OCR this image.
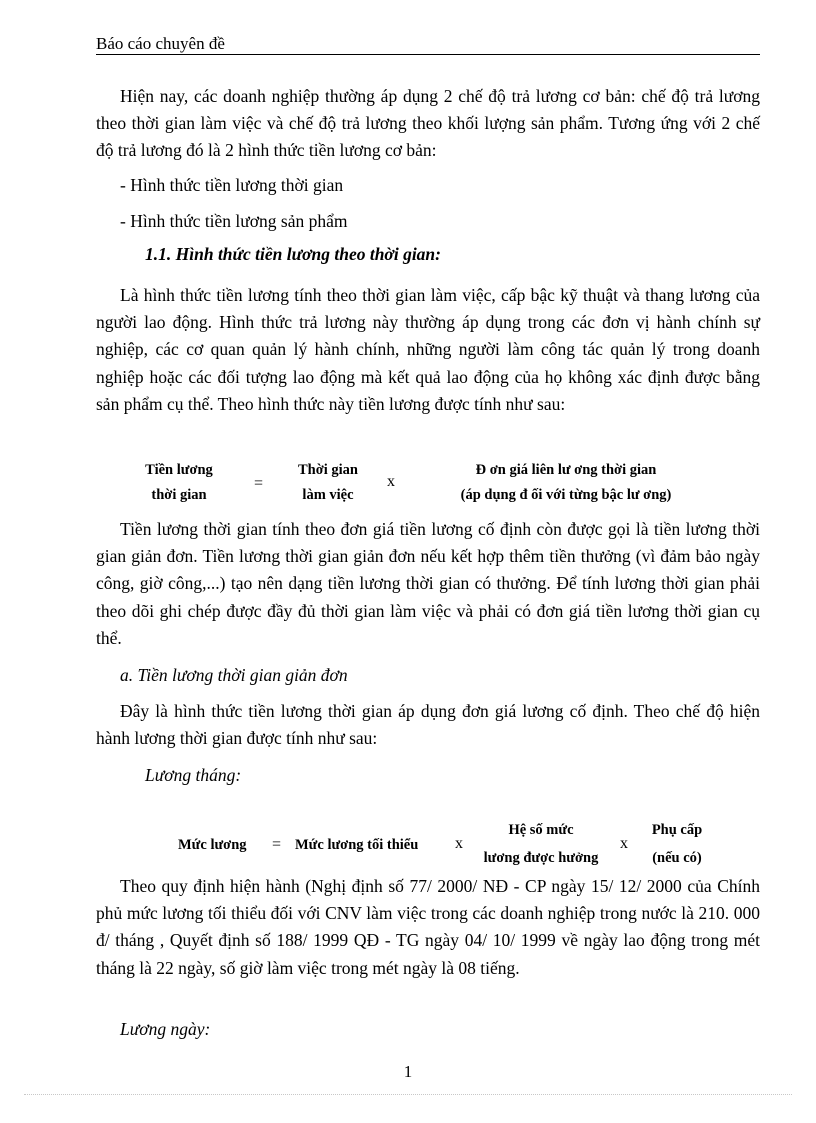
Báo cáo chuyên đề

Hiện nay, các doanh nghiệp thường áp dụng 2 chế độ trả lương cơ bản: chế độ trả lương theo thời gian làm việc và chế độ trả lương theo khối lượng sản phẩm. Tương ứng với 2 chế độ trả lương đó là 2 hình thức tiền lương cơ bản:

- Hình thức tiền lương thời gian

- Hình thức tiền lương sản phẩm

1.1. Hình thức tiền lương theo thời gian:

Là hình thức tiền lương tính theo thời gian làm việc, cấp bậc kỹ thuật và thang lương của người lao động. Hình thức trả lương này thường áp dụng trong các đơn vị hành chính sự nghiệp, các cơ quan quản lý hành chính, những người làm công tác quản lý trong doanh nghiệp hoặc các đối tượng lao động mà kết quả lao động của họ không xác định được bằng sản phẩm cụ thể. Theo hình thức này tiền lương được tính như sau:

Tiền lương
thời gian
=
Thời gian
làm việc
x
Đ ơn giá liên lư ơng thời gian
(áp dụng đ ối với từng bậc lư ơng)

Tiền lương thời gian tính theo đơn giá tiền lương cố định còn được gọi là tiền lương thời gian giản đơn. Tiền lương thời gian giản đơn nếu kết hợp thêm tiền thưởng (vì đảm bảo ngày công, giờ công,...) tạo nên dạng tiền lương thời gian có thưởng. Để tính lương thời gian phải theo dõi ghi chép được đầy đủ thời gian làm việc và phải có đơn giá tiền lương thời gian cụ thể.

a. Tiền lương thời gian giản đơn

Đây là hình thức tiền lương thời gian áp dụng đơn giá lương cố định. Theo chế độ hiện hành lương thời gian được tính như sau:

Lương tháng:

Mức lương = Mức lương tối thiểu x
Hệ số mức
lương được hưởng
x
Phụ cấp
(nếu có)

Theo quy định hiện hành (Nghị định số 77/ 2000/ NĐ - CP ngày 15/ 12/ 2000 của Chính phủ mức lương tối thiểu đối với CNV làm việc trong các doanh nghiệp trong nước là 210. 000 đ/ tháng , Quyết định số 188/ 1999 QĐ - TG ngày 04/ 10/ 1999 về ngày lao động trong mét tháng là 22 ngày, số giờ làm việc trong mét ngày là 08 tiếng.

Lương ngày:

1
